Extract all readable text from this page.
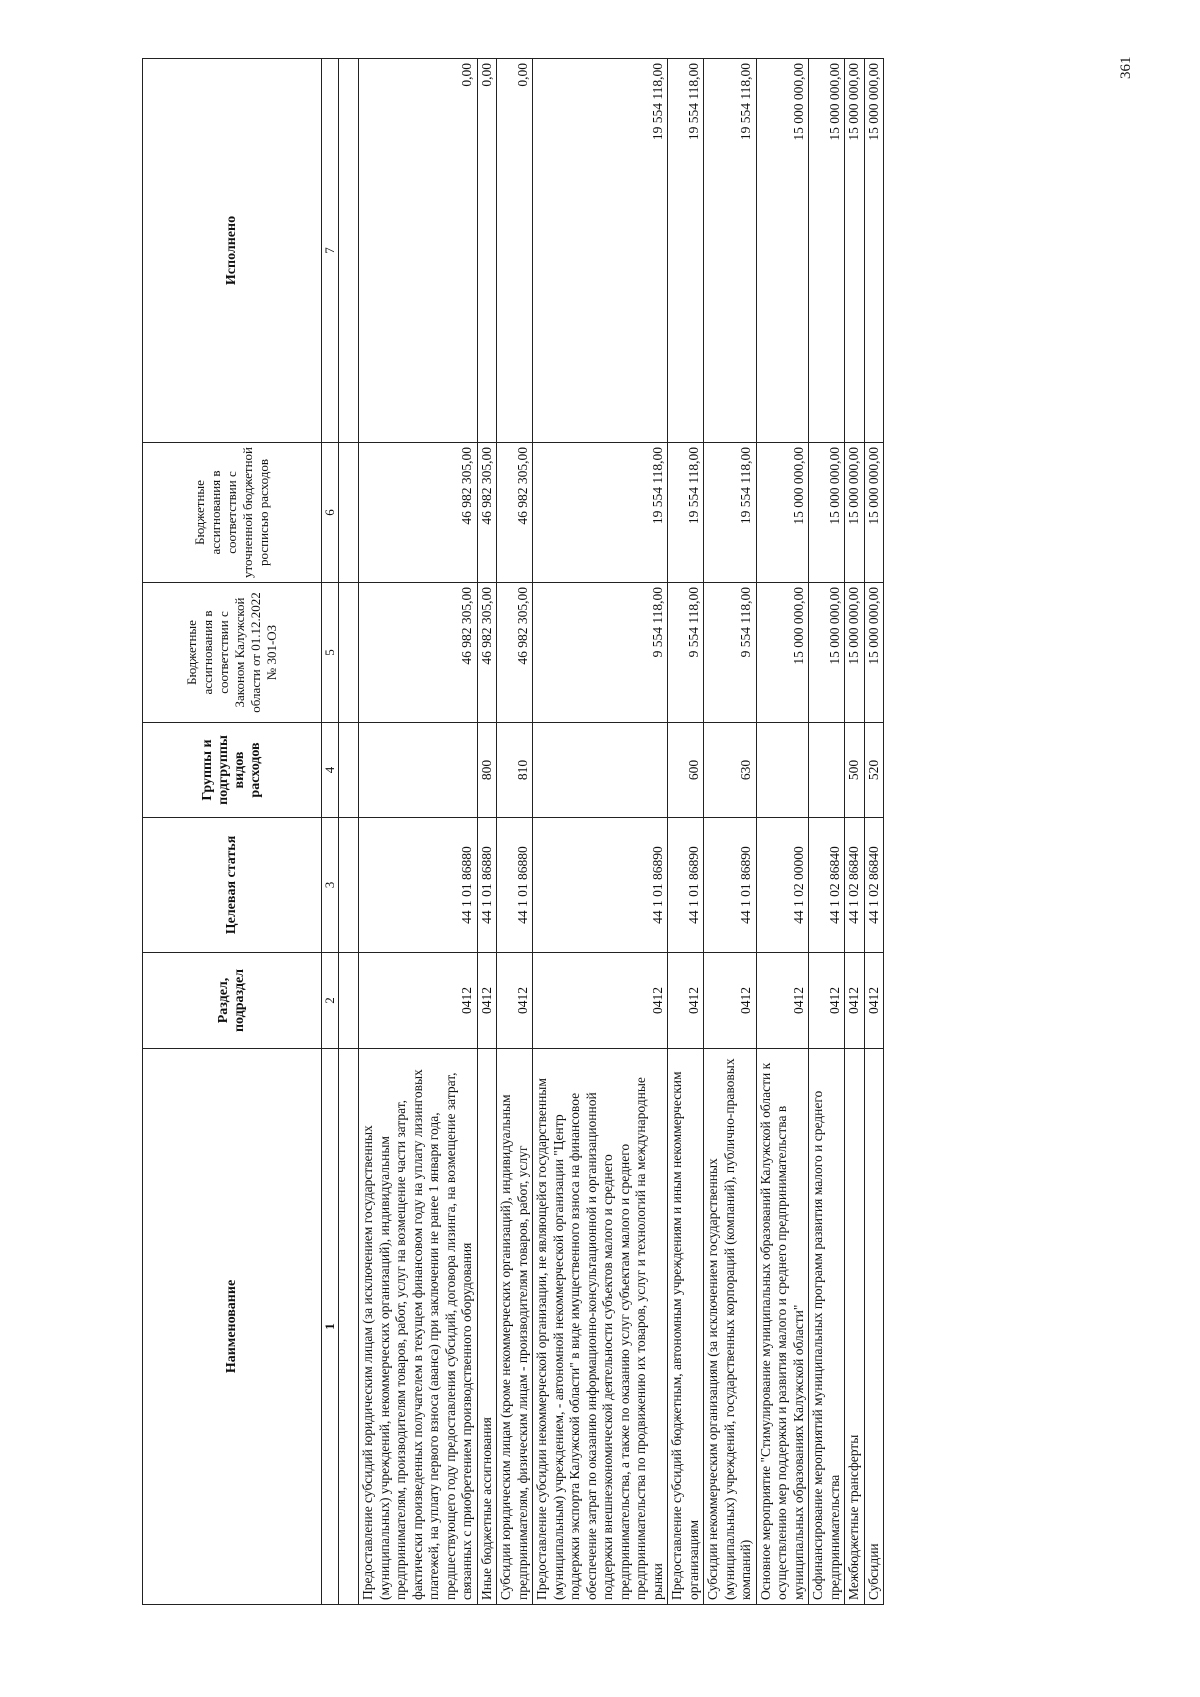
Наименование	Раздел, подраздел	Целевая статья	Группы и подгруппы видов расходов	Бюджетные ассигнования в соответствии с Законом Калужской области от 01.12.2022 № 301-ОЗ	Бюджетные ассигнования в соответствии с уточненной бюджетной росписью расходов	Исполнено
1	2	3	4	5	6	7

Предоставление субсидий юридическим лицам (за исключением государственных (муниципальных) учреждений, некоммерческих организаций), индивидуальным предпринимателям, производителям товаров, работ, услуг на возмещение части затрат, фактически произведенных получателем в текущем финансовом году на уплату лизинговых платежей, на уплату первого взноса (аванса) при заключении не ранее 1 января года, предшествующего году предоставления субсидий, договора лизинга, на возмещение затрат, связанных с приобретением производственного оборудования	0412	44 1 01 86880		46 982 305,00	46 982 305,00	0,00
Иные бюджетные ассигнования	0412	44 1 01 86880	800	46 982 305,00	46 982 305,00	0,00
Субсидии юридическим лицам (кроме некоммерческих организаций), индивидуальным предпринимателям, физическим лицам - производителям товаров, работ, услуг	0412	44 1 01 86880	810	46 982 305,00	46 982 305,00	0,00
Предоставление субсидии некоммерческой организации, не являющейся государственным (муниципальным) учреждением, - автономной некоммерческой организации "Центр поддержки экспорта Калужской области" в виде имущественного взноса на финансовое обеспечение затрат по оказанию информационно-консультационной и организационной поддержки внешнеэкономической деятельности субъектов малого и среднего предпринимательства, а также по оказанию услуг субъектам малого и среднего предпринимательства по продвижению их товаров, услуг и технологий на международные рынки	0412	44 1 01 86890		9 554 118,00	19 554 118,00	19 554 118,00
Предоставление субсидий бюджетным, автономным учреждениям и иным некоммерческим организациям	0412	44 1 01 86890	600	9 554 118,00	19 554 118,00	19 554 118,00
Субсидии некоммерческим организациям (за исключением государственных (муниципальных) учреждений, государственных корпораций (компаний), публично-правовых компаний)	0412	44 1 01 86890	630	9 554 118,00	19 554 118,00	19 554 118,00
Основное мероприятие "Стимулирование муниципальных образований Калужской области к осуществлению мер поддержки и развития малого и среднего предпринимательства в муниципальных образованиях Калужской области"	0412	44 1 02 00000		15 000 000,00	15 000 000,00	15 000 000,00
Софинансирование мероприятий муниципальных программ развития малого и среднего предпринимательства	0412	44 1 02 86840		15 000 000,00	15 000 000,00	15 000 000,00
Межбюджетные трансферты	0412	44 1 02 86840	500	15 000 000,00	15 000 000,00	15 000 000,00
Субсидии	0412	44 1 02 86840	520	15 000 000,00	15 000 000,00	15 000 000,00	361
